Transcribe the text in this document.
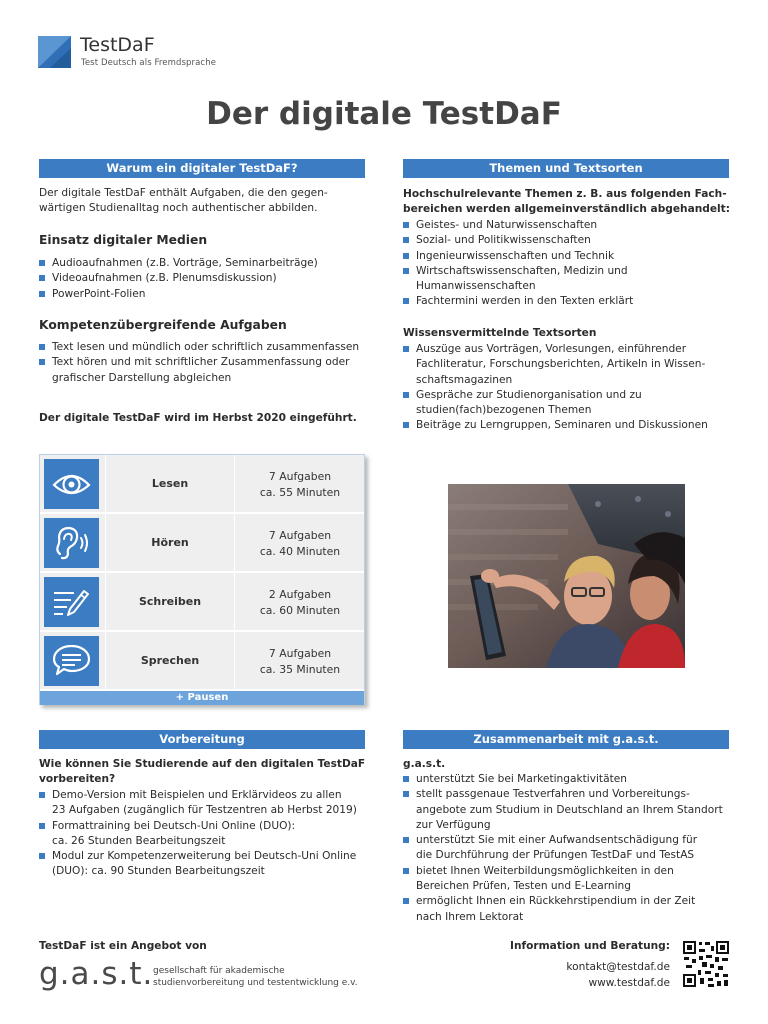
TestDaF
Test Deutsch als Fremdsprache
Der digitale TestDaF
Warum ein digitaler TestDaF?
Der digitale TestDaF enthält Aufgaben, die den gegen-
wärtigen Studienalltag noch authentischer abbilden.
Einsatz digitaler Medien
Audioaufnahmen (z.B. Vorträge, Seminarbeiträge)
Videoaufnahmen (z.B. Plenumsdiskussion)
PowerPoint-Folien
Kompetenzübergreifende Aufgaben
Text lesen und mündlich oder schriftlich zusammenfassen
Text hören und mit schriftlicher Zusammenfassung oder
grafischer Darstellung abgleichen
Der digitale TestDaF wird im Herbst 2020 eingeführt.
Themen und Textsorten
Hochschulrelevante Themen z. B. aus folgenden Fach-
bereichen werden allgemeinverständlich abgehandelt:
Geistes- und Naturwissenschaften
Sozial- und Politikwissenschaften
Ingenieurwissenschaften und Technik
Wirtschaftswissenschaften, Medizin und
Humanwissenschaften
Fachtermini werden in den Texten erklärt
Wissensvermittelnde Textsorten
Auszüge aus Vorträgen, Vorlesungen, einführender
Fachliteratur, Forschungsberichten, Artikeln in Wissen-
schaftsmagazinen
Gespräche zur Studienorganisation und zu
studien(fach)bezogenen Themen
Beiträge zu Lerngruppen, Seminaren und Diskussionen
Lesen
7 Aufgaben
ca. 55 Minuten
Hören
7 Aufgaben
ca. 40 Minuten
Schreiben
2 Aufgaben
ca. 60 Minuten
Sprechen
7 Aufgaben
ca. 35 Minuten
+ Pausen
Vorbereitung
Wie können Sie Studierende auf den digitalen TestDaF
vorbereiten?
Demo-Version mit Beispielen und Erklärvideos zu allen
23 Aufgaben (zugänglich für Testzentren ab Herbst 2019)
Formattraining bei Deutsch-Uni Online (DUO):
ca. 26 Stunden Bearbeitungszeit
Modul zur Kompetenzerweiterung bei Deutsch-Uni Online
(DUO): ca. 90 Stunden Bearbeitungszeit
Zusammenarbeit mit g.a.s.t.
g.a.s.t.
unterstützt Sie bei Marketingaktivitäten
stellt passgenaue Testverfahren und Vorbereitungs-
angebote zum Studium in Deutschland an Ihrem Standort
zur Verfügung
unterstützt Sie mit einer Aufwandsentschädigung für
die Durchführung der Prüfungen TestDaF und TestAS
bietet Ihnen Weiterbildungsmöglichkeiten in den
Bereichen Prüfen, Testen und E-Learning
ermöglicht Ihnen ein Rückkehrstipendium in der Zeit
nach Ihrem Lektorat
TestDaF ist ein Angebot von
g.a.s.t. gesellschaft für akademische
studienvorbereitung und testentwicklung e.v.
Information und Beratung:
kontakt@testdaf.de
www.testdaf.de
